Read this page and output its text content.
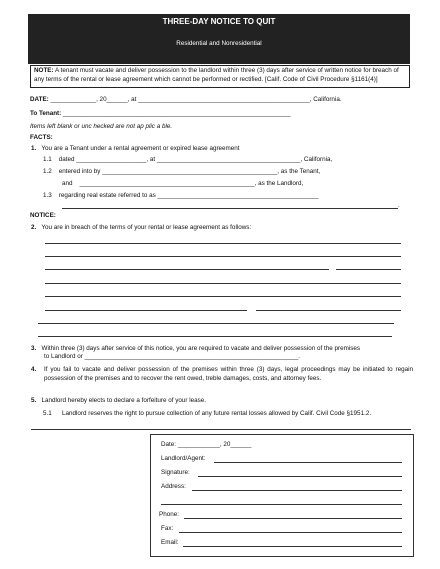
THREE-DAY NOTICE TO QUIT
Residential and Nonresidential
NOTE: A tenant must vacate and deliver possession to the landlord within three (3) days after service of written notice for breach of any terms of the rental or lease agreement which cannot be performed or rectified. [Calif. Code of Civil Procedure §1161(4)]
DATE: _____________, 20______, at _________________________________________________, California.
To Tenant: _________________________________________________________________
Items left blank or unc hecked are not ap plic a ble.
FACTS:
1. You are a Tenant under a rental agreement or expired lease agreement
1.1 dated ____________________, at _________________________________________, California,
1.2 entered into by __________________________________________________, as the Tenant,
and __________________________________________________, as the Landlord,
1.3 regarding real estate referred to as ______________________________________________
.
NOTICE:
2. You are in breach of the terms of your rental or lease agreement as follows:
3. Within three (3) days after service of this notice, you are required to vacate and deliver possession of the premises
to Landlord or _____________________________________________________________.
4.	If you fail to vacate and deliver possession of the premises within three (3) days, legal proceedings may be initiated to regain possession of the premises and to recover the rent owed, treble damages, costs, and attorney fees.
5. Landlord hereby elects to declare a forfeiture of your lease.
5.1	Landlord reserves the right to pursue collection of any future rental losses allowed by Calif. Civil Code §1951.2.
Date: ____________, 20______
Landlord/Agent:
Signature:
Address:
Phone:
Fax:
Email:
